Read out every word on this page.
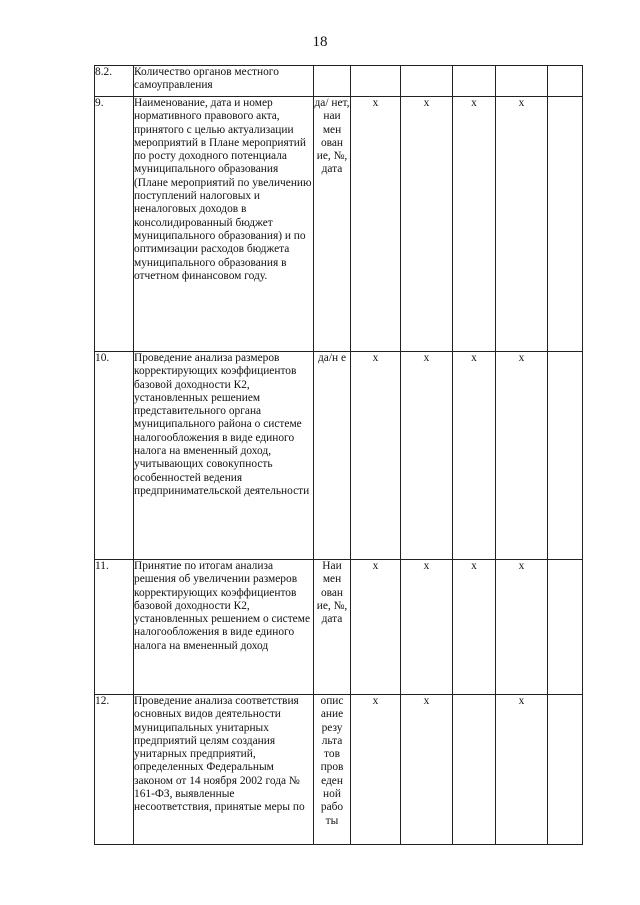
18
8.2.	Количество органов местного самоуправления						
9.	Наименование, дата и номер нормативного правового акта, принятого с целью актуализации мероприятий в Плане мероприятий по росту доходного потенциала муниципального образования (Плане мероприятий по увеличению поступлений налоговых и неналоговых доходов в консолидированный бюджет муниципального образования) и по оптимизации расходов бюджета муниципального образования в отчетном финансовом году.	да/ нет, наи мен ован ие, №, дата	х	х	х	х	
10.	Проведение анализа размеров корректирующих коэффициентов базовой доходности К2, установленных решением представительного органа муниципального района о системе налогообложения в виде единого налога на вмененный доход, учитывающих совокупность особенностей ведения предпринимательской деятельности	да/н е	х	х	х	х	
11.	Принятие по итогам анализа решения об увеличении размеров корректирующих коэффициентов базовой доходности К2, установленных решением о системе налогообложения в виде единого налога на вмененный доход	Наи мен ован ие, №, дата	х	х	х	х	
12.	Проведение анализа соответствия основных видов деятельности муниципальных унитарных предприятий целям создания унитарных предприятий, определенных Федеральным законом от 14 ноября 2002 года № 161-ФЗ, выявленные несоответствия, принятые меры по	опис ание резу льта тов пров еден ной рабо ты	х	х		х	
